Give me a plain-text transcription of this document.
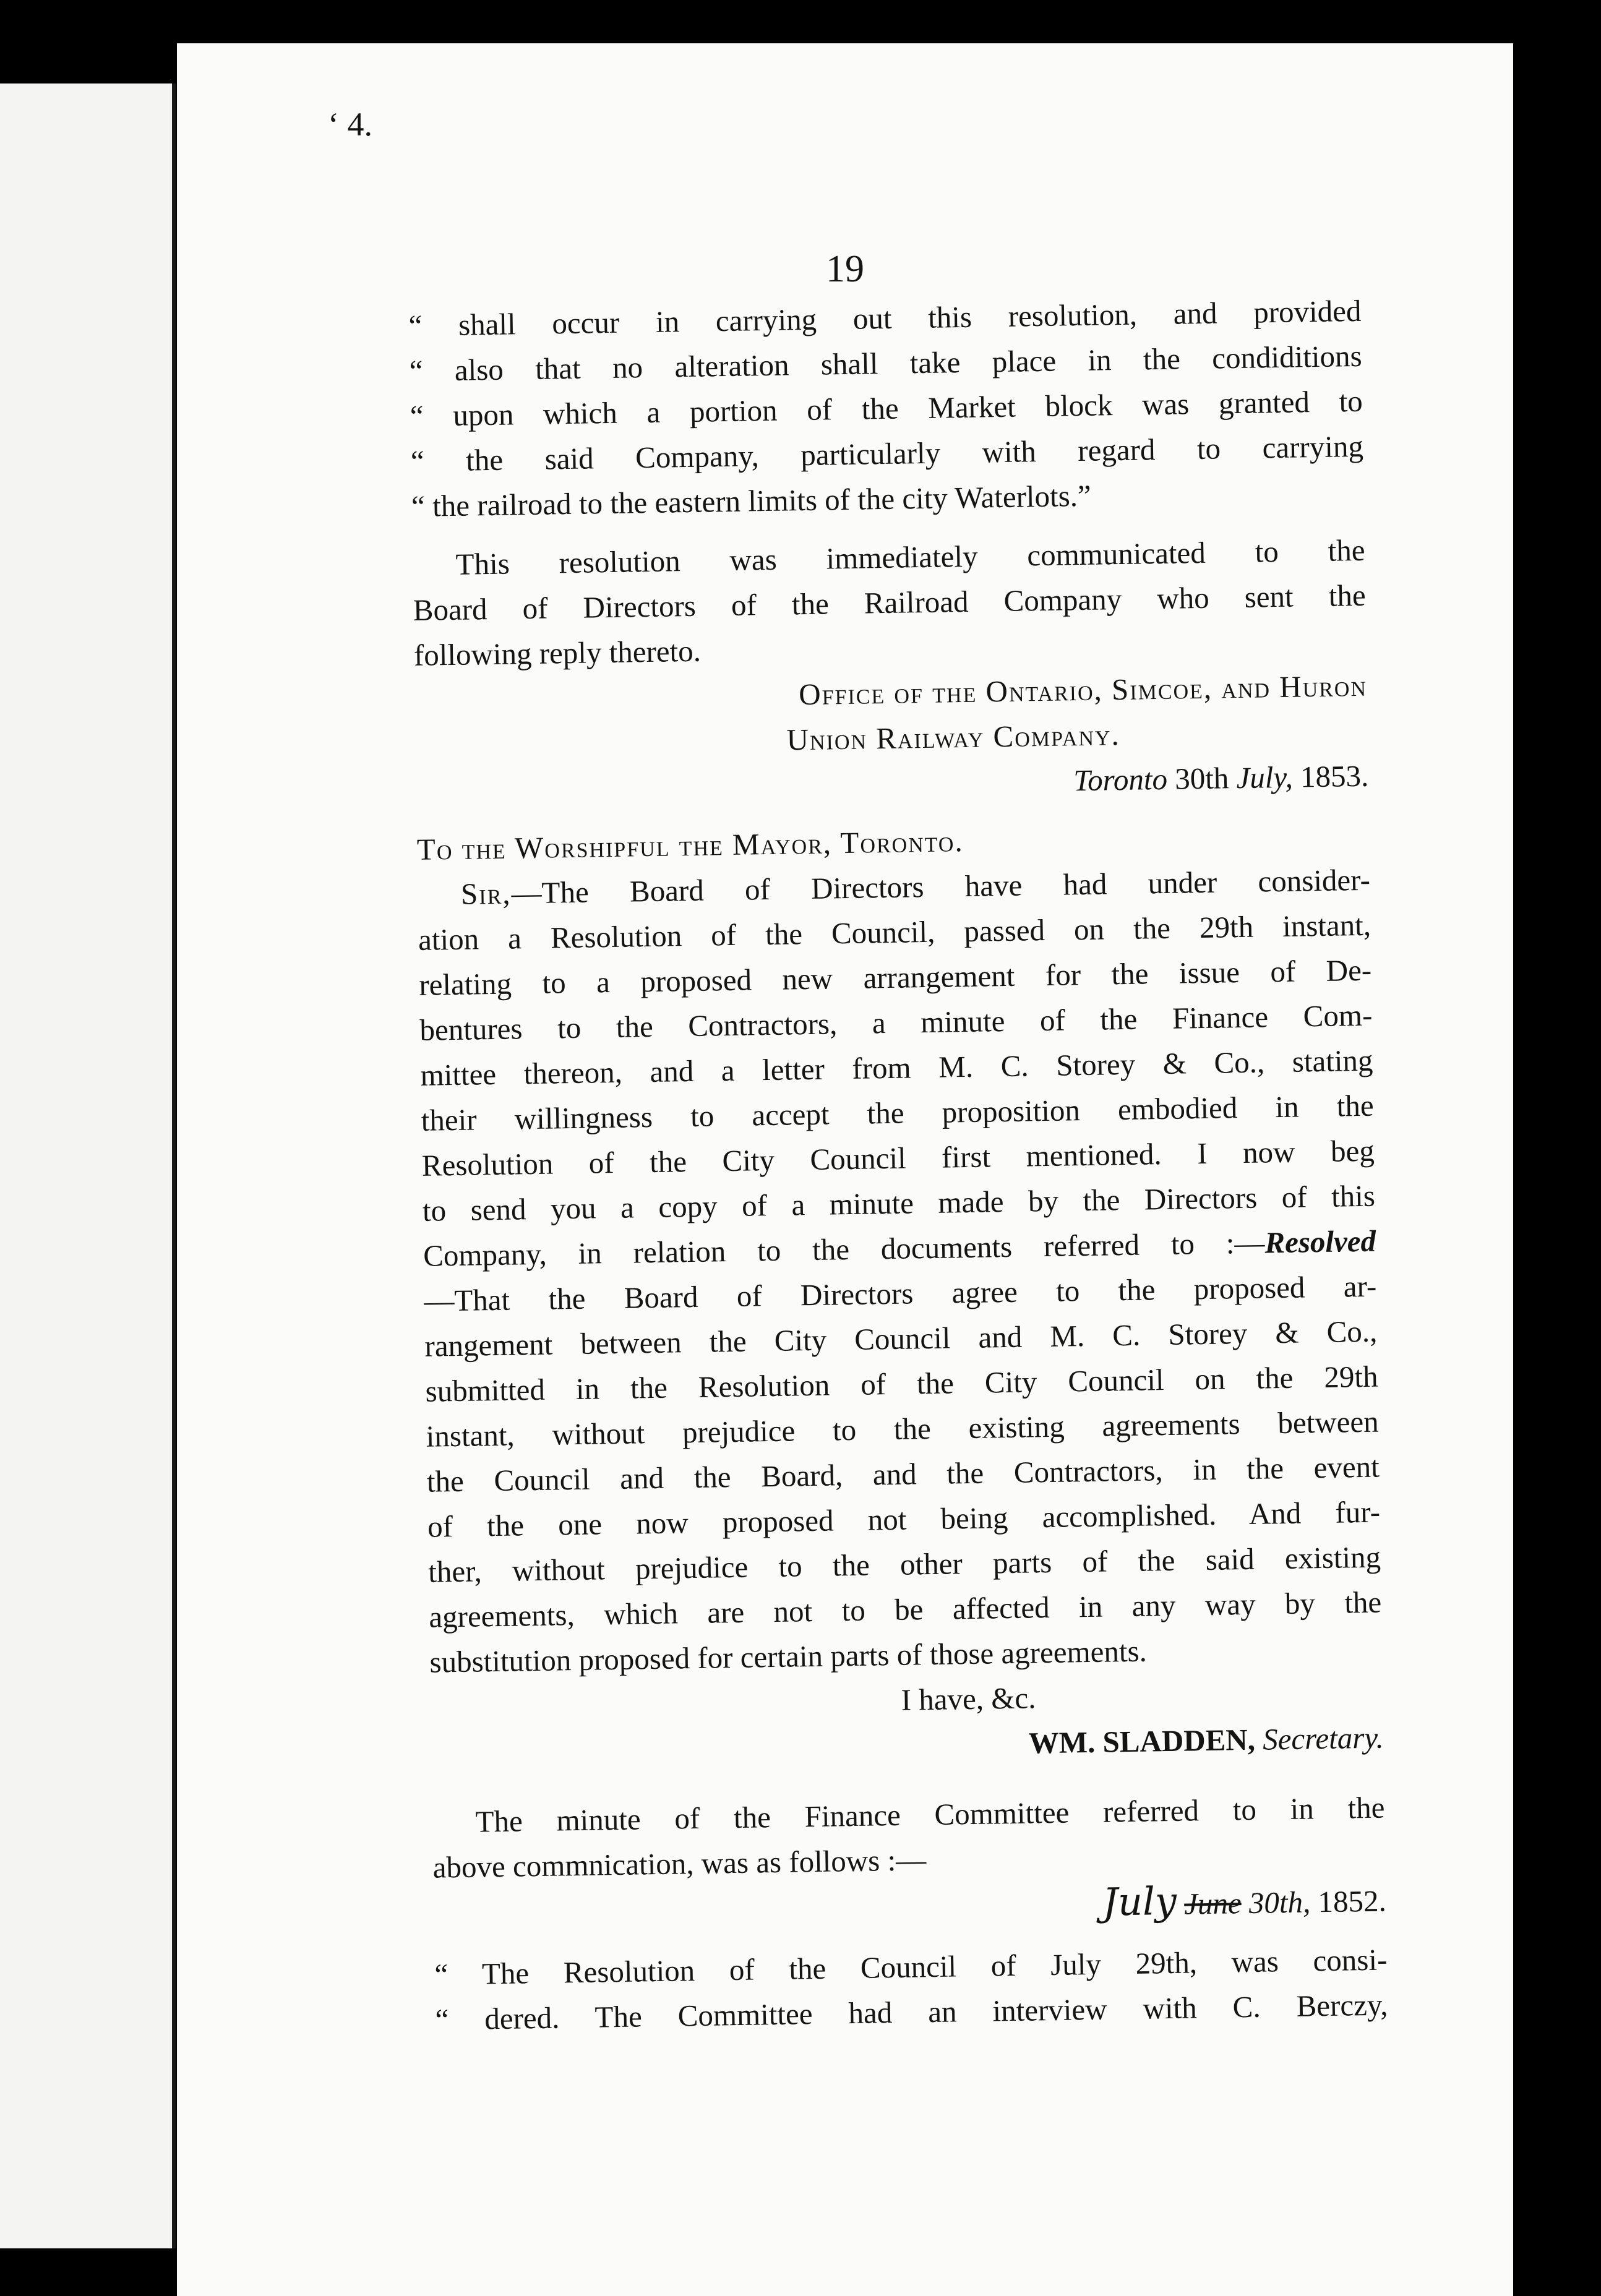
‘ 4.
19
“ shall occur in carrying out this resolution, and provided
“ also that no alteration shall take place in the condiditions
“ upon which a portion of the Market block was granted to
“ the said Company, particularly with regard to carrying
“ the railroad to the eastern limits of the city Waterlots.”
This resolution was immediately communicated to the
Board of Directors of the Railroad Company who sent the
following reply thereto.
Office of the Ontario, Simcoe, and Huron
Union Railway Company.
Toronto 30th July, 1853.
To the Worshipful the Mayor, Toronto.
Sir,—The Board of Directors have had under consider-
ation a Resolution of the Council, passed on the 29th instant,
relating to a proposed new arrangement for the issue of De-
bentures to the Contractors, a minute of the Finance Com-
mittee thereon, and a letter from M. C. Storey & Co., stating
their willingness to accept the proposition embodied in the
Resolution of the City Council first mentioned. I now beg
to send you a copy of a minute made by the Directors of this
Company, in relation to the documents referred to :—Resolved
—That the Board of Directors agree to the proposed ar-
rangement between the City Council and M. C. Storey & Co.,
submitted in the Resolution of the City Council on the 29th
instant, without prejudice to the existing agreements between
the Council and the Board, and the Contractors, in the event
of the one now proposed not being accomplished. And fur-
ther, without prejudice to the other parts of the said existing
agreements, which are not to be affected in any way by the
substitution proposed for certain parts of those agreements.
I have, &c.
WM. SLADDEN, Secretary.
The minute of the Finance Committee referred to in the
above commnication, was as follows :—
July June 30th, 1852.
“ The Resolution of the Council of July 29th, was consi-
“ dered. The Committee had an interview with C. Berczy,
